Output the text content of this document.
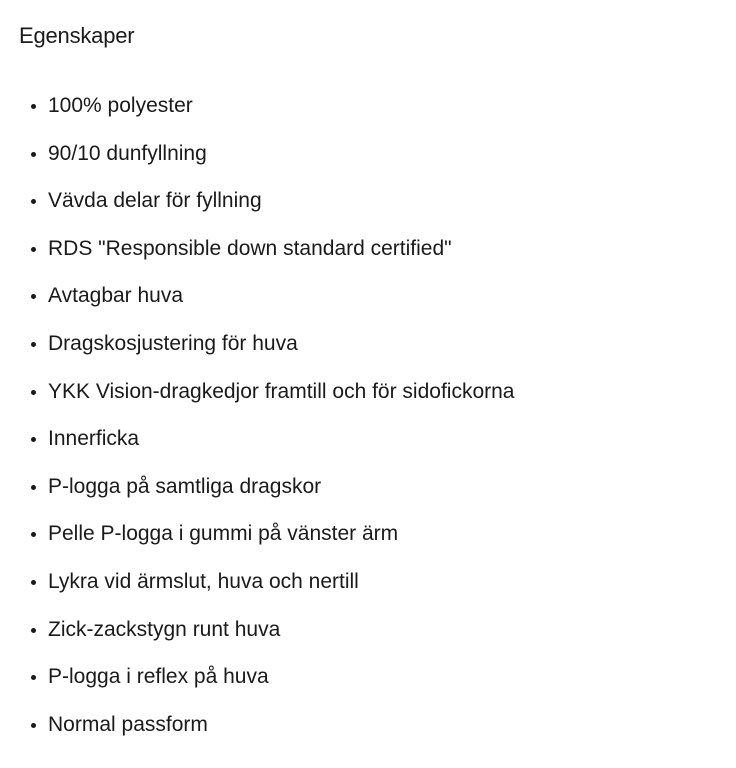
Egenskaper
100% polyester
90/10 dunfyllning
Vävda delar för fyllning
RDS "Responsible down standard certified"
Avtagbar huva
Dragskosjustering för huva
YKK Vision-dragkedjor framtill och för sidofickorna
Innerficka
P-logga på samtliga dragskor
Pelle P-logga i gummi på vänster ärm
Lykra vid ärmslut, huva och nertill
Zick-zackstygn runt huva
P-logga i reflex på huva
Normal passform
